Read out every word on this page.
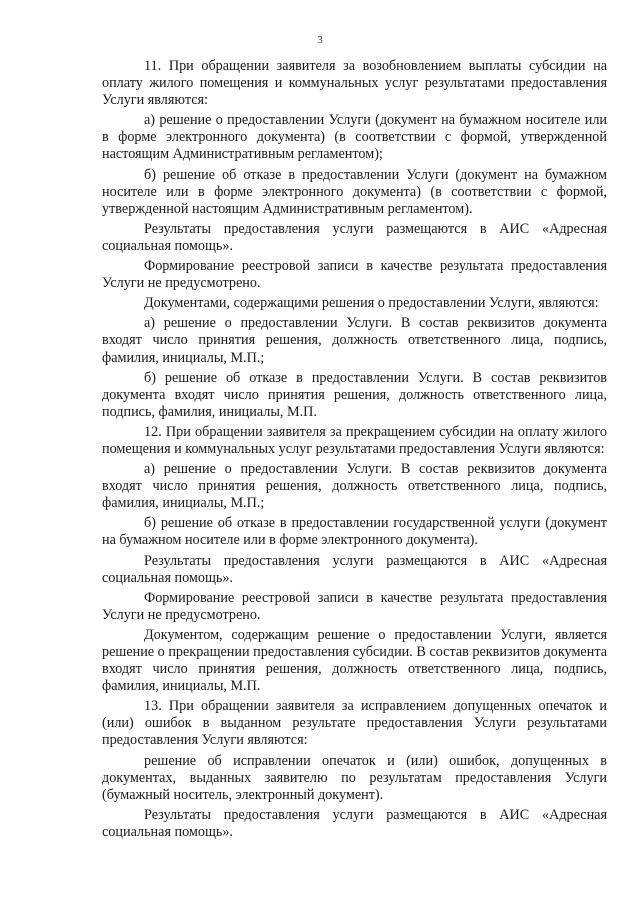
3

11. При обращении заявителя за возобновлением выплаты субсидии на оплату жилого помещения и коммунальных услуг результатами предоставления Услуги являются:

а) решение о предоставлении Услуги (документ на бумажном носителе или в форме электронного документа) (в соответствии с формой, утвержденной настоящим Административным регламентом);

б) решение об отказе в предоставлении Услуги (документ на бумажном носителе или в форме электронного документа) (в соответствии с формой, утвержденной настоящим Административным регламентом).

Результаты предоставления услуги размещаются в АИС «Адресная социальная помощь».

Формирование реестровой записи в качестве результата предоставления Услуги не предусмотрено.

Документами, содержащими решения о предоставлении Услуги, являются:

а) решение о предоставлении Услуги. В состав реквизитов документа входят число принятия решения, должность ответственного лица, подпись, фамилия, инициалы, М.П.;

б) решение об отказе в предоставлении Услуги. В состав реквизитов документа входят число принятия решения, должность ответственного лица, подпись, фамилия, инициалы, М.П.

12. При обращении заявителя за прекращением субсидии на оплату жилого помещения и коммунальных услуг результатами предоставления Услуги являются:

а) решение о предоставлении Услуги. В состав реквизитов документа входят число принятия решения, должность ответственного лица, подпись, фамилия, инициалы, М.П.;

б) решение об отказе в предоставлении государственной услуги (документ на бумажном носителе или в форме электронного документа).

Результаты предоставления услуги размещаются в АИС «Адресная социальная помощь».

Формирование реестровой записи в качестве результата предоставления Услуги не предусмотрено.

Документом, содержащим решение о предоставлении Услуги, является решение о прекращении предоставления субсидии. В состав реквизитов документа входят число принятия решения, должность ответственного лица, подпись, фамилия, инициалы, М.П.

13. При обращении заявителя за исправлением допущенных опечаток и (или) ошибок в выданном результате предоставления Услуги результатами предоставления Услуги являются:

решение об исправлении опечаток и (или) ошибок, допущенных в документах, выданных заявителю по результатам предоставления Услуги (бумажный носитель, электронный документ).

Результаты предоставления услуги размещаются в АИС «Адресная социальная помощь».
